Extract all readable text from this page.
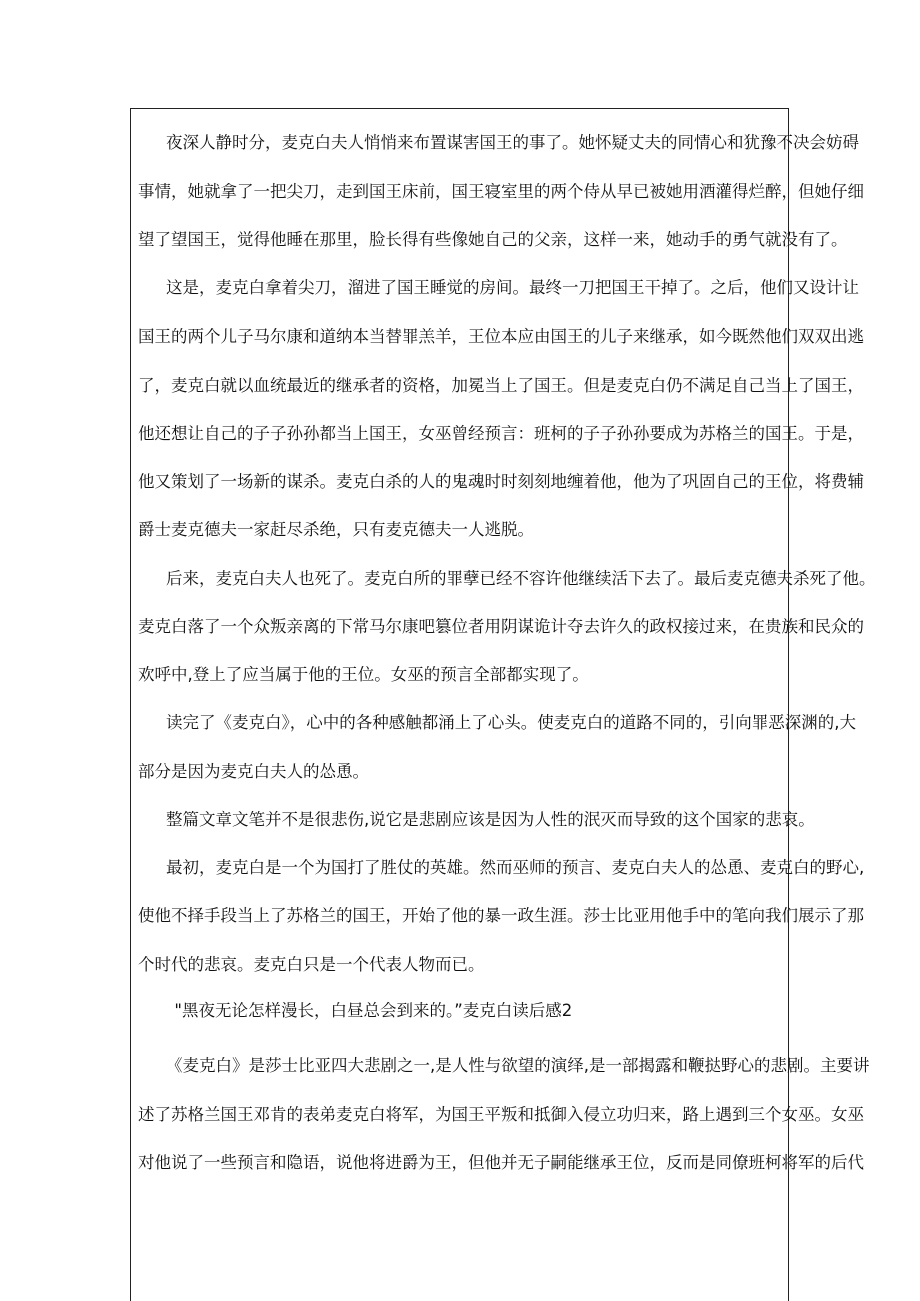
夜深人静时分，麦克白夫人悄悄来布置谋害国王的事了。她怀疑丈夫的同情心和犹豫不决会妨碍
事情，她就拿了一把尖刀，走到国王床前，国王寝室里的两个侍从早已被她用酒灌得烂醉，但她仔细
望了望国王，觉得他睡在那里，脸长得有些像她自己的父亲，这样一来，她动手的勇气就没有了。
这是，麦克白拿着尖刀，溜进了国王睡觉的房间。最终一刀把国王干掉了。之后，他们又设计让
国王的两个儿子马尔康和道纳本当替罪羔羊，王位本应由国王的儿子来继承，如今既然他们双双出逃
了，麦克白就以血统最近的继承者的资格，加冕当上了国王。但是麦克白仍不满足自己当上了国王，
他还想让自己的子子孙孙都当上国王，女巫曾经预言：班柯的子子孙孙要成为苏格兰的国王。于是，
他又策划了一场新的谋杀。麦克白杀的人的鬼魂时时刻刻地缠着他，他为了巩固自己的王位，将费辅
爵士麦克德夫一家赶尽杀绝，只有麦克德夫一人逃脱。
后来，麦克白夫人也死了。麦克白所的罪孽已经不容许他继续活下去了。最后麦克德夫杀死了他。
麦克白落了一个众叛亲离的下常马尔康吧篡位者用阴谋诡计夺去许久的政权接过来，在贵族和民众的
欢呼中,登上了应当属于他的王位。女巫的预言全部都实现了。
读完了《麦克白》，心中的各种感触都涌上了心头。使麦克白的道路不同的，引向罪恶深渊的,大
部分是因为麦克白夫人的怂恿。
整篇文章文笔并不是很悲伤,说它是悲剧应该是因为人性的泯灭而导致的这个国家的悲哀。
最初，麦克白是一个为国打了胜仗的英雄。然而巫师的预言、麦克白夫人的怂恿、麦克白的野心,
使他不择手段当上了苏格兰的国王，开始了他的暴一政生涯。莎士比亚用他手中的笔向我们展示了那
个时代的悲哀。麦克白只是一个代表人物而已。
"黑夜无论怎样漫长，白昼总会到来的。”麦克白读后感2
《麦克白》是莎士比亚四大悲剧之一,是人性与欲望的演绎,是一部揭露和鞭挞野心的悲剧。主要讲
述了苏格兰国王邓肯的表弟麦克白将军，为国王平叛和抵御入侵立功归来，路上遇到三个女巫。女巫
对他说了一些预言和隐语，说他将进爵为王，但他并无子嗣能继承王位，反而是同僚班柯将军的后代
